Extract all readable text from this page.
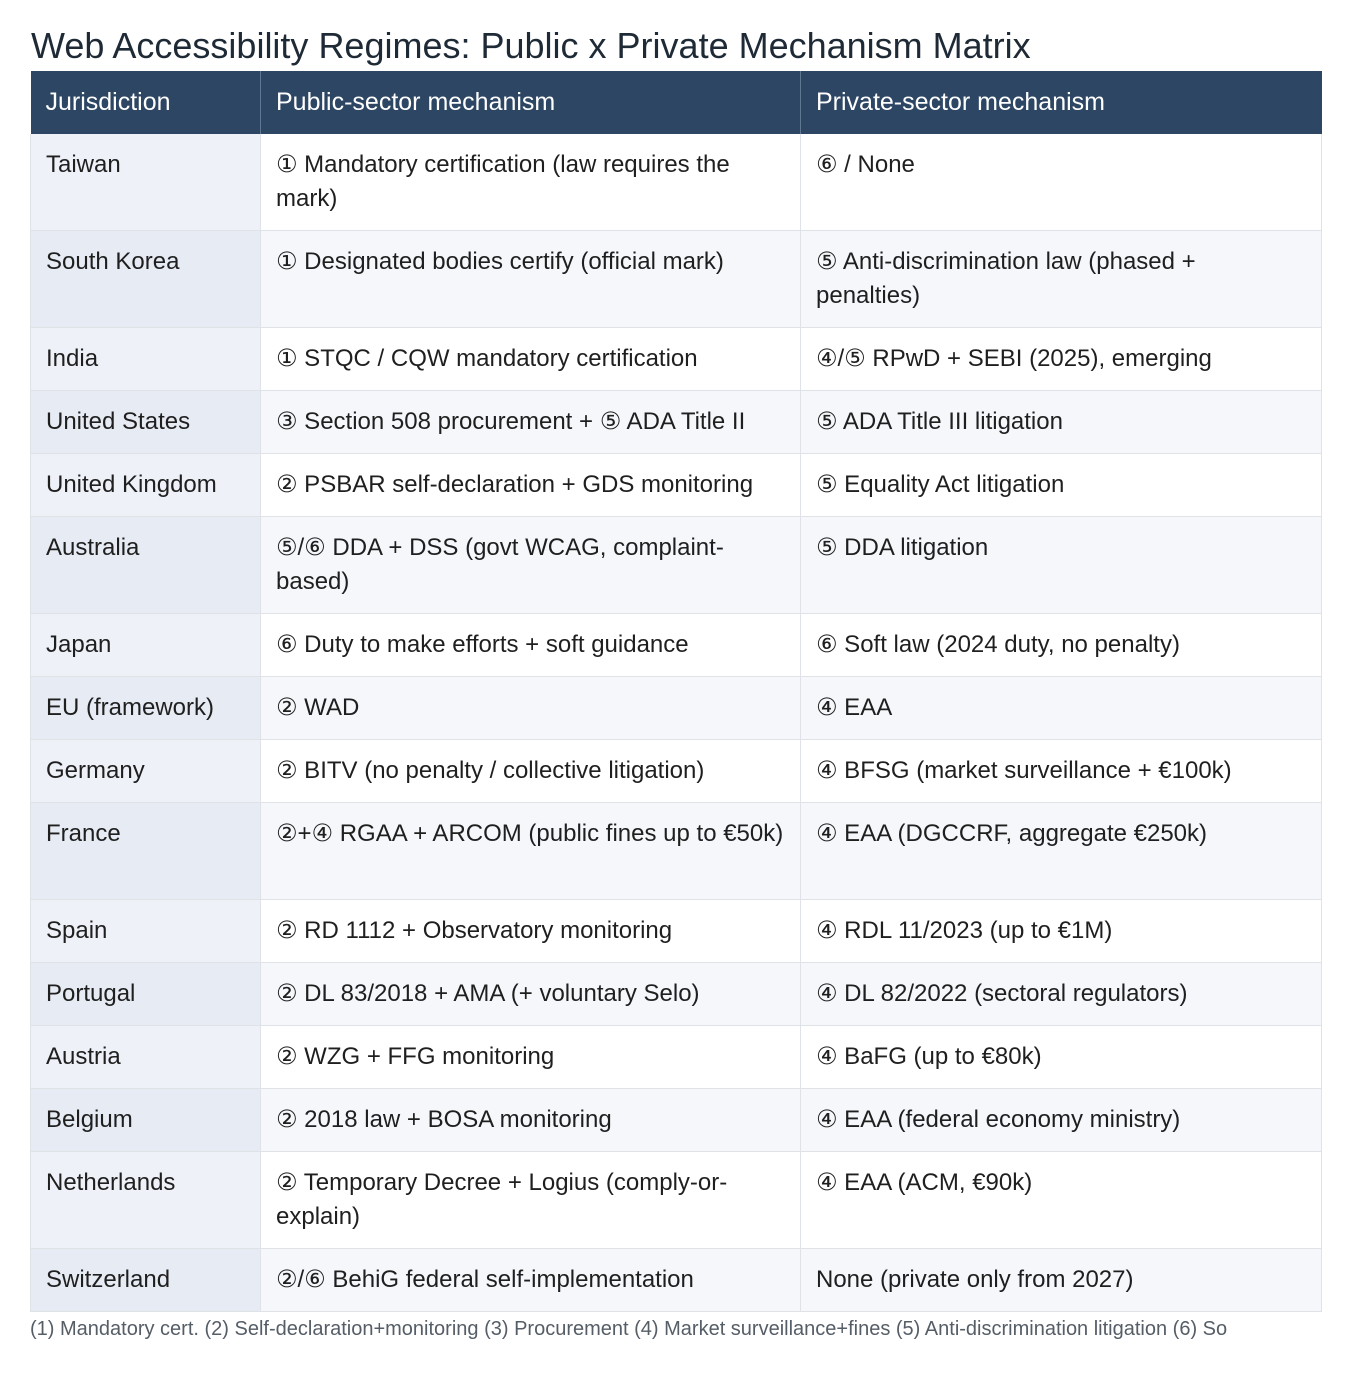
Web Accessibility Regimes: Public x Private Mechanism Matrix
Jurisdiction	Public-sector mechanism	Private-sector mechanism
Taiwan	① Mandatory certification (law requires the mark)	⑥ / None
South Korea	① Designated bodies certify (official mark)	⑤ Anti-discrimination law (phased + penalties)
India	① STQC / CQW mandatory certification	④/⑤ RPwD + SEBI (2025), emerging
United States	③ Section 508 procurement + ⑤ ADA Title II	⑤ ADA Title III litigation
United Kingdom	② PSBAR self-declaration + GDS monitoring	⑤ Equality Act litigation
Australia	⑤/⑥ DDA + DSS (govt WCAG, complaint-based)	⑤ DDA litigation
Japan	⑥ Duty to make efforts + soft guidance	⑥ Soft law (2024 duty, no penalty)
EU (framework)	② WAD	④ EAA
Germany	② BITV (no penalty / collective litigation)	④ BFSG (market surveillance + €100k)
France	②+④ RGAA + ARCOM (public fines up to €50k)	④ EAA (DGCCRF, aggregate €250k)
Spain	② RD 1112 + Observatory monitoring	④ RDL 11/2023 (up to €1M)
Portugal	② DL 83/2018 + AMA (+ voluntary Selo)	④ DL 82/2022 (sectoral regulators)
Austria	② WZG + FFG monitoring	④ BaFG (up to €80k)
Belgium	② 2018 law + BOSA monitoring	④ EAA (federal economy ministry)
Netherlands	② Temporary Decree + Logius (comply-or-explain)	④ EAA (ACM, €90k)
Switzerland	②/⑥ BehiG federal self-implementation	None (private only from 2027)
(1) Mandatory cert. (2) Self-declaration+monitoring (3) Procurement (4) Market surveillance+fines (5) Anti-discrimination litigation (6) So
